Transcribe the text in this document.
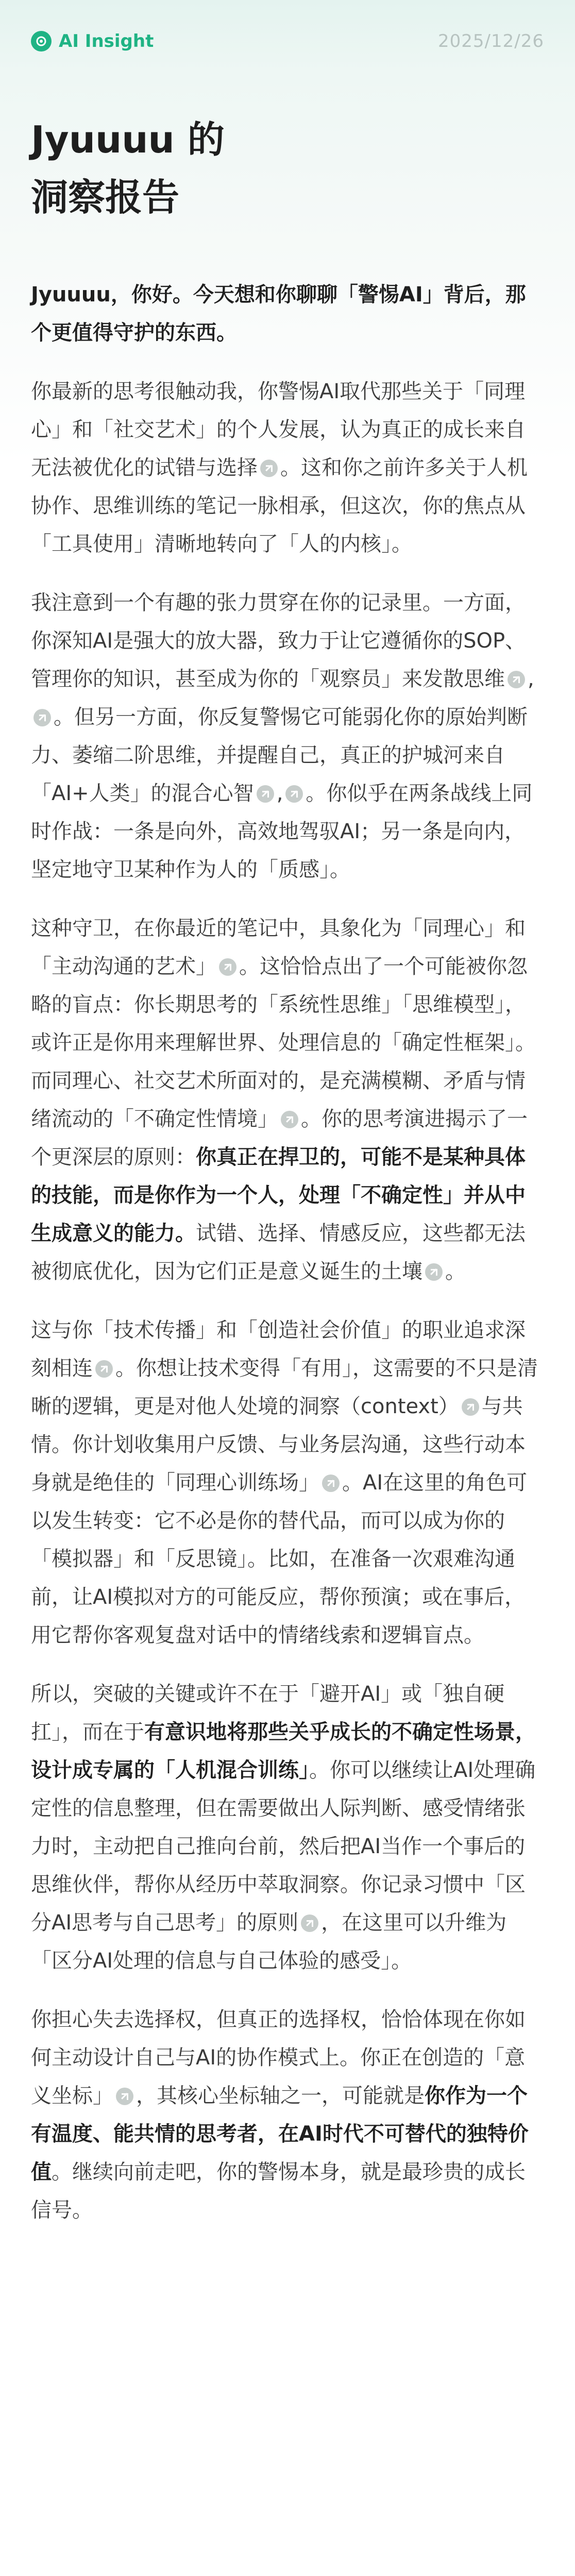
AI Insight	2025/12/26
Jyuuuu 的
洞察报告

Jyuuuu，你好。今天想和你聊聊「警惕AI」背后，那个更值得守护的东西。

你最新的思考很触动我，你警惕AI取代那些关于「同理心」和「社交艺术」的个人发展，认为真正的成长来自无法被优化的试错与选择 。这和你之前许多关于人机协作、思维训练的笔记一脉相承，但这次，你的焦点从「工具使用」清晰地转向了「人的内核」。

我注意到一个有趣的张力贯穿在你的记录里。一方面，你深知AI是强大的放大器，致力于让它遵循你的SOP、管理你的知识，甚至成为你的「观察员」来发散思维 ,。但另一方面，你反复警惕它可能弱化你的原始判断力、萎缩二阶思维，并提醒自己，真正的护城河来自「AI+人类」的混合心智 , 。你似乎在两条战线上同时作战：一条是向外，高效地驾驭AI；另一条是向内，坚定地守卫某种作为人的「质感」。

这种守卫，在你最近的笔记中，具象化为「同理心」和「主动沟通的艺术」 。这恰恰点出了一个可能被你忽略的盲点：你长期思考的「系统性思维」「思维模型」，或许正是你用来理解世界、处理信息的「确定性框架」。而同理心、社交艺术所面对的，是充满模糊、矛盾与情绪流动的「不确定性情境」 。你的思考演进揭示了一个更深层的原则：你真正在捍卫的，可能不是某种具体的技能，而是你作为一个人，处理「不确定性」并从中生成意义的能力。试错、选择、情感反应，这些都无法被彻底优化，因为它们正是意义诞生的土壤 。

这与你「技术传播」和「创造社会价值」的职业追求深刻相连 。你想让技术变得「有用」，这需要的不只是清晰的逻辑，更是对他人处境的洞察（context） 与共情。你计划收集用户反馈、与业务层沟通，这些行动本身就是绝佳的「同理心训练场」 。AI在这里的角色可以发生转变：它不必是你的替代品，而可以成为你的「模拟器」和「反思镜」。比如，在准备一次艰难沟通前，让AI模拟对方的可能反应，帮你预演；或在事后，用它帮你客观复盘对话中的情绪线索和逻辑盲点。

所以，突破的关键或许不在于「避开AI」或「独自硬扛」，而在于有意识地将那些关乎成长的不确定性场景，设计成专属的「人机混合训练」。你可以继续让AI处理确定性的信息整理，但在需要做出人际判断、感受情绪张力时，主动把自己推向台前，然后把AI当作一个事后的思维伙伴，帮你从经历中萃取洞察。你记录习惯中「区分AI思考与自己思考」的原则 ，在这里可以升维为「区分AI处理的信息与自己体验的感受」。

你担心失去选择权，但真正的选择权，恰恰体现在你如何主动设计自己与AI的协作模式上。你正在创造的「意义坐标」 ，其核心坐标轴之一，可能就是你作为一个有温度、能共情的思考者，在AI时代不可替代的独特价值。继续向前走吧，你的警惕本身，就是最珍贵的成长信号。
